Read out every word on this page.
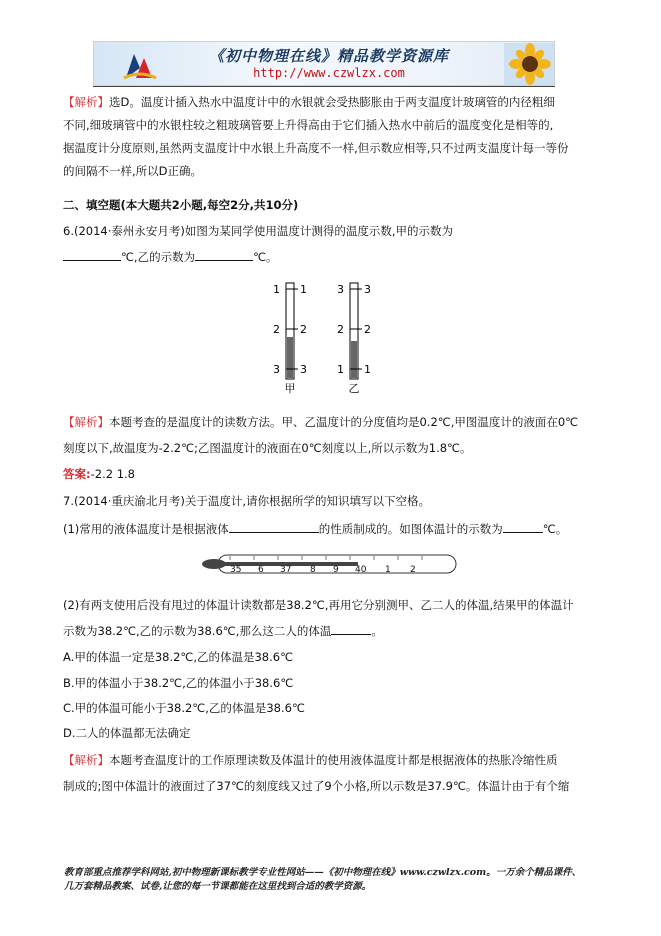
《初中物理在线》精品教学资源库
http://www.czwlzx.com
【解析】选D。温度计插入热水中温度计中的水银就会受热膨胀由于两支温度计玻璃管的内径粗细
不同,细玻璃管中的水银柱较之粗玻璃管要上升得高由于它们插入热水中前后的温度变化是相等的,
据温度计分度原则,虽然两支温度计中水银上升高度不一样,但示数应相等,只不过两支温度计每一等份
的间隔不一样,所以D正确。
二、填空题(本大题共2小题,每空2分,共10分)
6.(2014·泰州永安月考)如图为某同学使用温度计测得的温度示数,甲的示数为
℃,乙的示数为	℃。
1
2
3
1
2
3
甲
3
2
1
3
2
1
乙
【解析】本题考查的是温度计的读数方法。甲、乙温度计的分度值均是0.2℃,甲图温度计的液面在0℃
刻度以下,故温度为-2.2℃;乙图温度计的液面在0℃刻度以上,所以示数为1.8℃。
答案:-2.2 1.8
7.(2014·重庆渝北月考)关于温度计,请你根据所学的知识填写以下空格。
(1)常用的液体温度计是根据液体	的性质制成的。如图体温计的示数为	℃。
35 6 37 8 9 40 1 2
(2)有两支使用后没有甩过的体温计读数都是38.2℃,再用它分别测甲、乙二人的体温,结果甲的体温计
示数为38.2℃,乙的示数为38.6℃,那么这二人的体温	。
A.甲的体温一定是38.2℃,乙的体温是38.6℃
B.甲的体温小于38.2℃,乙的体温小于38.6℃
C.甲的体温可能小于38.2℃,乙的体温是38.6℃
D.二人的体温都无法确定
【解析】本题考查温度计的工作原理读数及体温计的使用液体温度计都是根据液体的热胀冷缩性质
制成的;图中体温计的液面过了37℃的刻度线又过了9个小格,所以示数是37.9℃。体温计由于有个缩
教育部重点推荐学科网站,初中物理新课标教学专业性网站——《初中物理在线》www.czwlzx.com。一万余个精品课件、
几万套精品教案、试卷,让您的每一节课都能在这里找到合适的教学资源。
